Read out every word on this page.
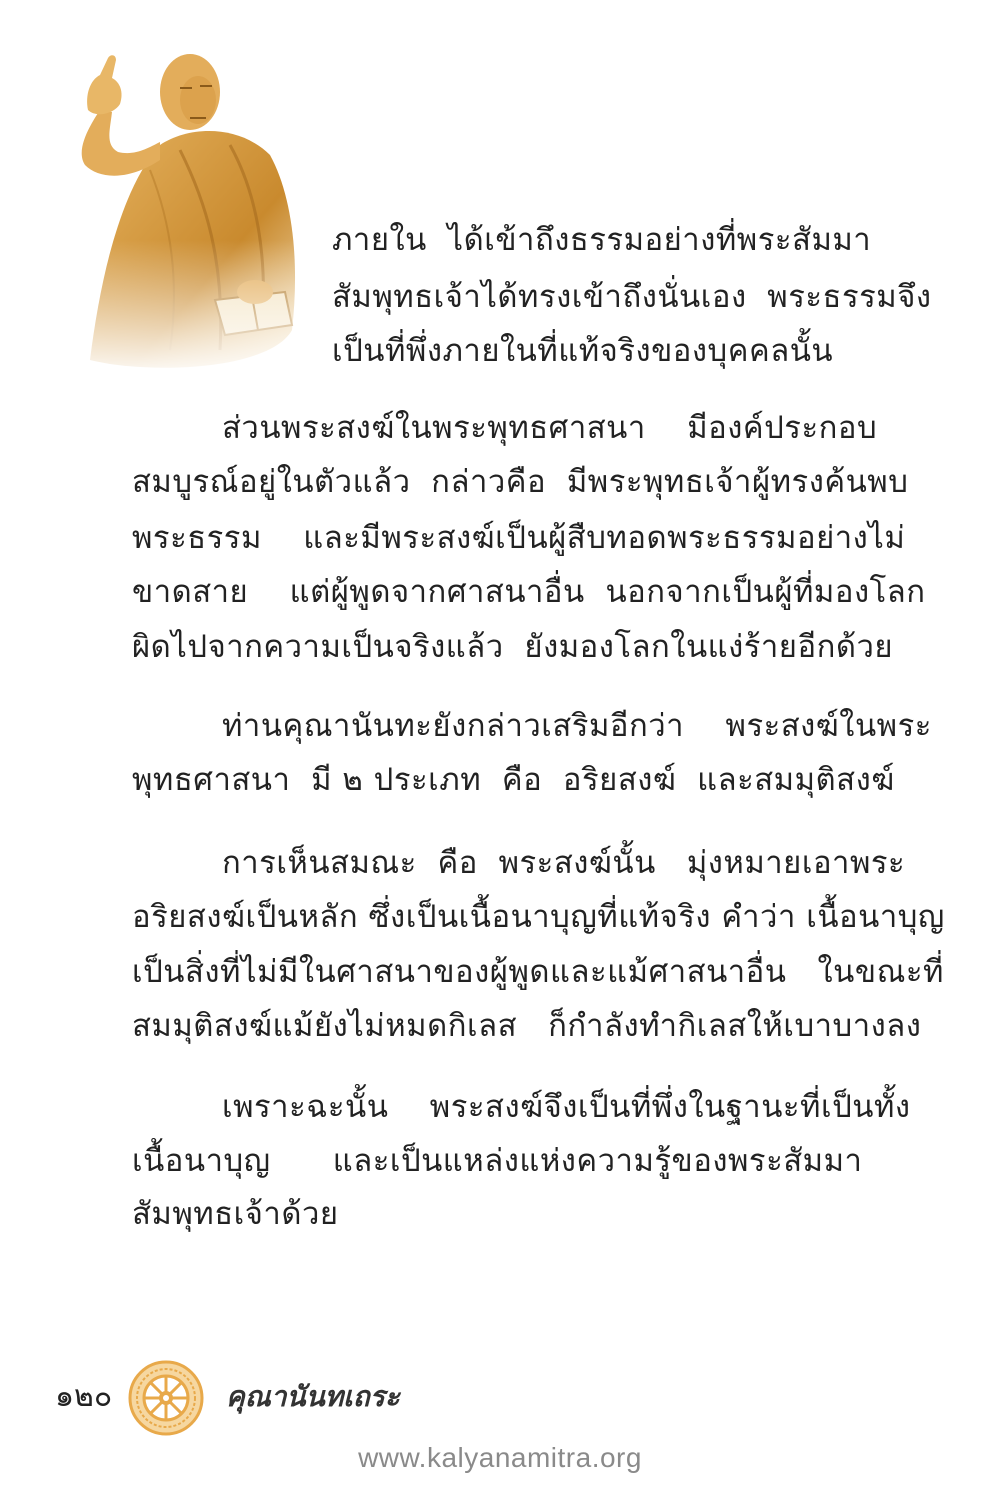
ภายใน  ได้เข้าถึงธรรมอย่างที่พระสัมมา
สัมพุทธเจ้าได้ทรงเข้าถึงนั่นเอง  พระธรรมจึง
เป็นที่พึ่งภายในที่แท้จริงของบุคคลนั้น
ส่วนพระสงฆ์ในพระพุทธศาสนา    มีองค์ประกอบ
สมบูรณ์อยู่ในตัวแล้ว  กล่าวคือ  มีพระพุทธเจ้าผู้ทรงค้นพบ
พระธรรม    และมีพระสงฆ์เป็นผู้สืบทอดพระธรรมอย่างไม่
ขาดสาย    แต่ผู้พูดจากศาสนาอื่น  นอกจากเป็นผู้ที่มองโลก
ผิดไปจากความเป็นจริงแล้ว  ยังมองโลกในแง่ร้ายอีกด้วย
ท่านคุณานันทะยังกล่าวเสริมอีกว่า    พระสงฆ์ในพระ
พุทธศาสนา  มี ๒ ประเภท  คือ  อริยสงฆ์  และสมมุติสงฆ์
การเห็นสมณะ  คือ  พระสงฆ์นั้น   มุ่งหมายเอาพระ
อริยสงฆ์เป็นหลัก ซึ่งเป็นเนื้อนาบุญที่แท้จริง คำว่า เนื้อนาบุญ
เป็นสิ่งที่ไม่มีในศาสนาของผู้พูดและแม้ศาสนาอื่น   ในขณะที่
สมมุติสงฆ์แม้ยังไม่หมดกิเลส   ก็กำลังทำกิเลสให้เบาบางลง
เพราะฉะนั้น    พระสงฆ์จึงเป็นที่พึ่งในฐานะที่เป็นทั้ง
เนื้อนาบุญ      และเป็นแหล่งแห่งความรู้ของพระสัมมา
สัมพุทธเจ้าด้วย
๑๒๐	คุณานันทเถระ
www.kalyanamitra.org
